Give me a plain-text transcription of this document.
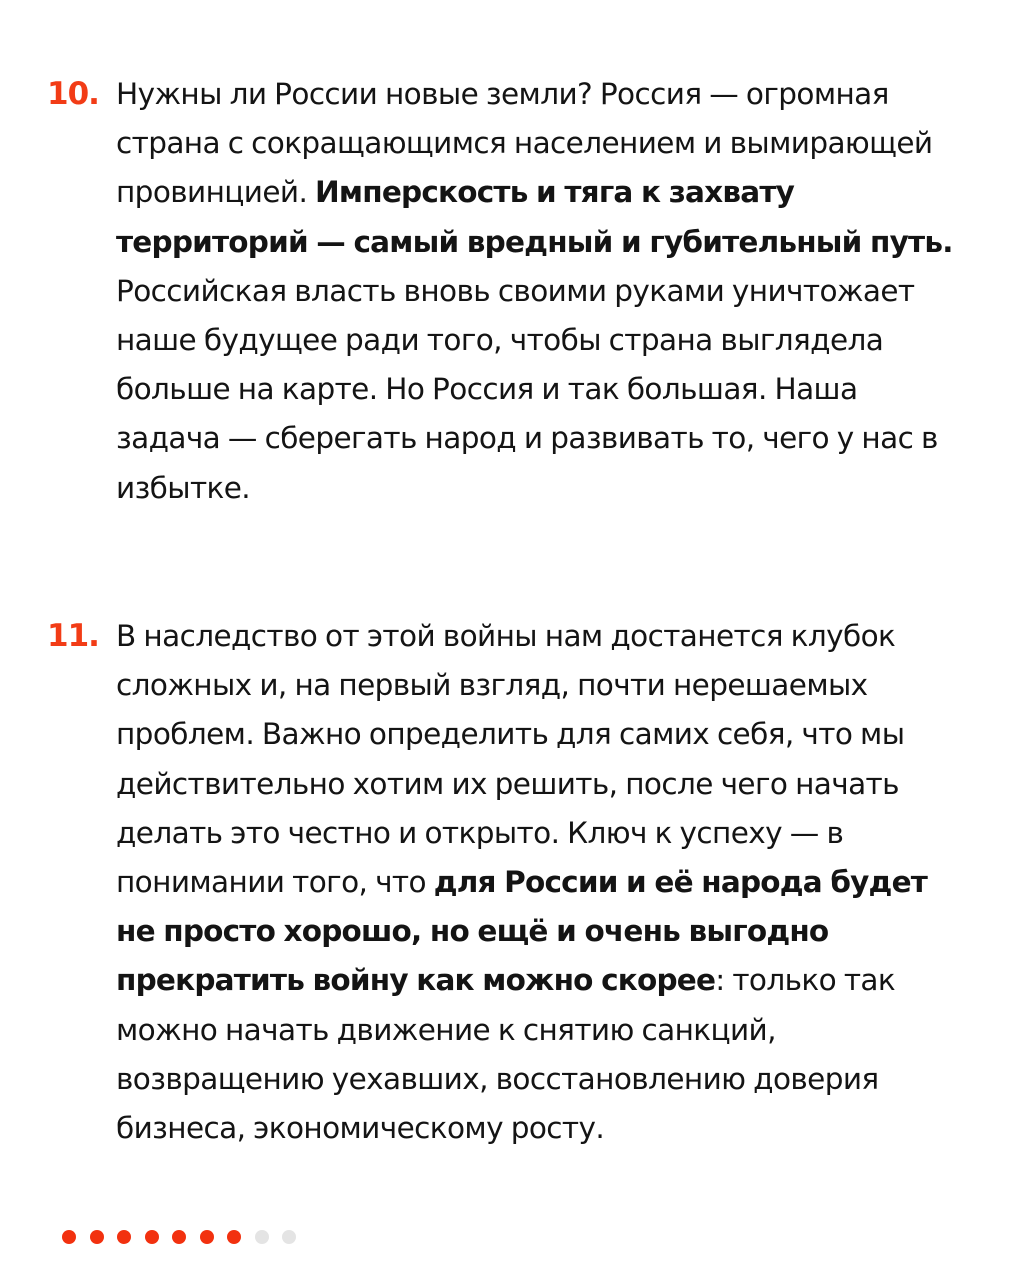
10. Нужны ли России новые земли? Россия — огромная страна с сокращающимся населением и вымирающей провинцией. Имперскость и тяга к захвату территорий — самый вредный и губительный путь. Российская власть вновь своими руками уничтожает наше будущее ради того, чтобы страна выглядела больше на карте. Но Россия и так большая. Наша задача — сберегать народ и развивать то, чего у нас в избытке.

11. В наследство от этой войны нам достанется клубок сложных и, на первый взгляд, почти нерешаемых проблем. Важно определить для самих себя, что мы действительно хотим их решить, после чего начать делать это честно и открыто. Ключ к успеху — в понимании того, что для России и её народа будет не просто хорошо, но ещё и очень выгодно прекратить войну как можно скорее: только так можно начать движение к снятию санкций, возвращению уехавших, восстановлению доверия бизнеса, экономическому росту.
